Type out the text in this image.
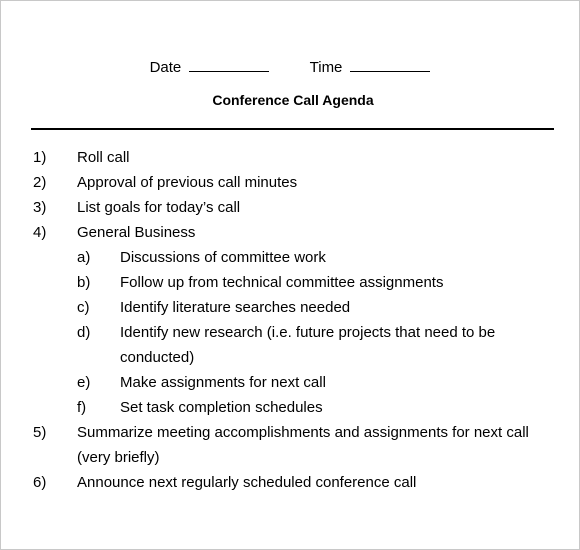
Date	Time
Conference Call Agenda
1) Roll call
2) Approval of previous call minutes
3) List goals for today’s call
4) General Business
a) Discussions of committee work
b) Follow up from technical committee assignments
c) Identify literature searches needed
d) Identify new research (i.e. future projects that need to be conducted)
e) Make assignments for next call
f) Set task completion schedules
5) Summarize meeting accomplishments and assignments for next call (very briefly)
6) Announce next regularly scheduled conference call
